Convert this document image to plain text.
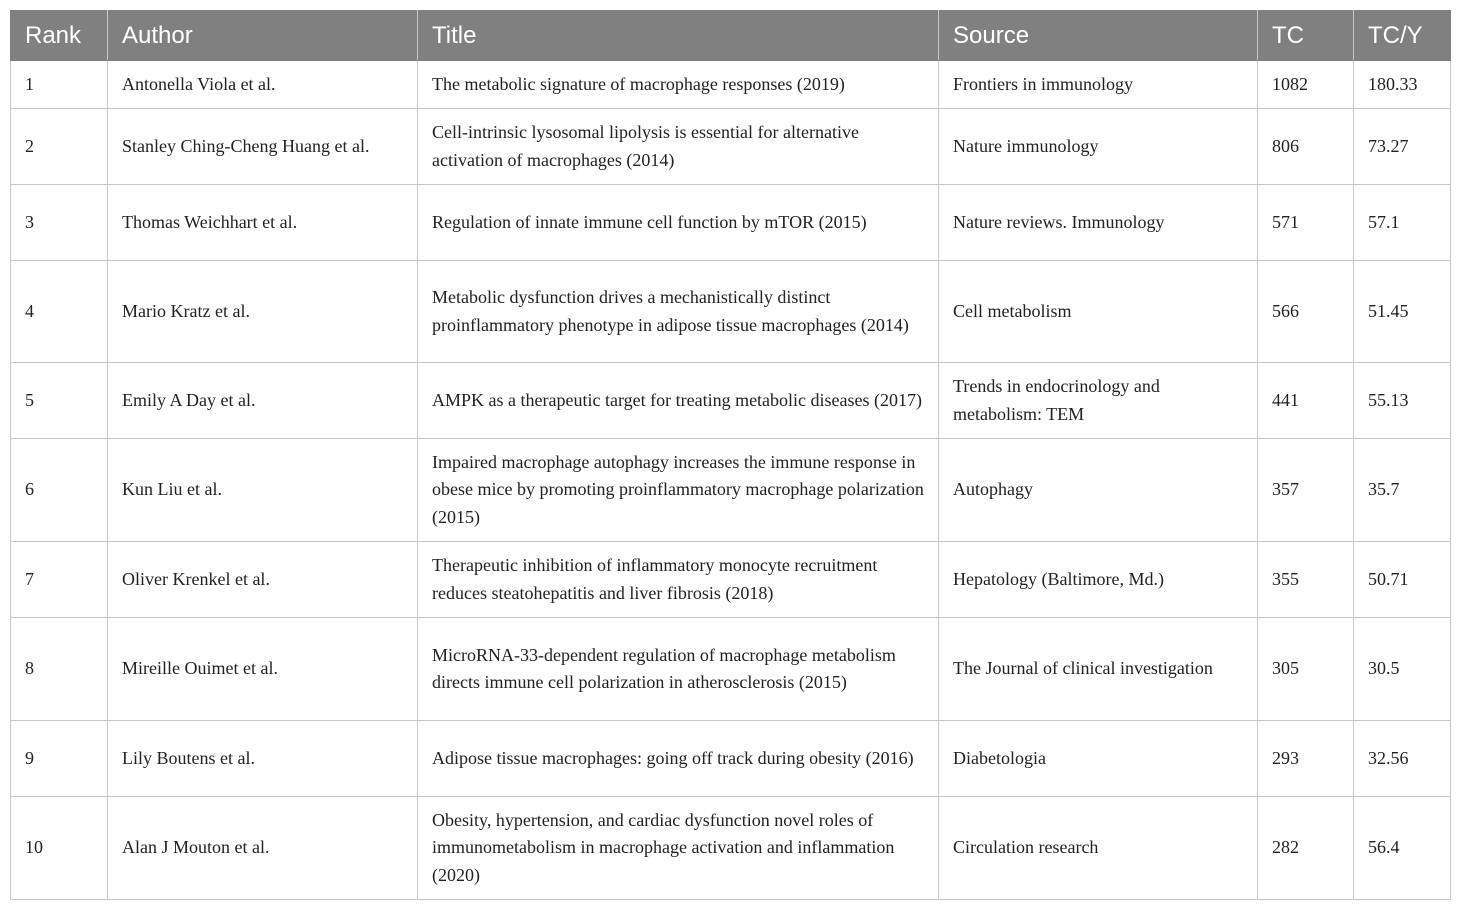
Rank	Author	Title	Source	TC	TC/Y
1	Antonella Viola et al.	The metabolic signature of macrophage responses (2019)	Frontiers in immunology	1082	180.33
2	Stanley Ching-Cheng Huang et al.	Cell-intrinsic lysosomal lipolysis is essential for alternative activation of macrophages (2014)	Nature immunology	806	73.27
3	Thomas Weichhart et al.	Regulation of innate immune cell function by mTOR (2015)	Nature reviews. Immunology	571	57.1
4	Mario Kratz et al.	Metabolic dysfunction drives a mechanistically distinct proinflammatory phenotype in adipose tissue macrophages (2014)	Cell metabolism	566	51.45
5	Emily A Day et al.	AMPK as a therapeutic target for treating metabolic diseases (2017)	Trends in endocrinology and metabolism: TEM	441	55.13
6	Kun Liu et al.	Impaired macrophage autophagy increases the immune response in obese mice by promoting proinflammatory macrophage polarization (2015)	Autophagy	357	35.7
7	Oliver Krenkel et al.	Therapeutic inhibition of inflammatory monocyte recruitment reduces steatohepatitis and liver fibrosis (2018)	Hepatology (Baltimore, Md.)	355	50.71
8	Mireille Ouimet et al.	MicroRNA-33-dependent regulation of macrophage metabolism directs immune cell polarization in atherosclerosis (2015)	The Journal of clinical investigation	305	30.5
9	Lily Boutens et al.	Adipose tissue macrophages: going off track during obesity (2016)	Diabetologia	293	32.56
10	Alan J Mouton et al.	Obesity, hypertension, and cardiac dysfunction novel roles of immunometabolism in macrophage activation and inflammation (2020)	Circulation research	282	56.4
